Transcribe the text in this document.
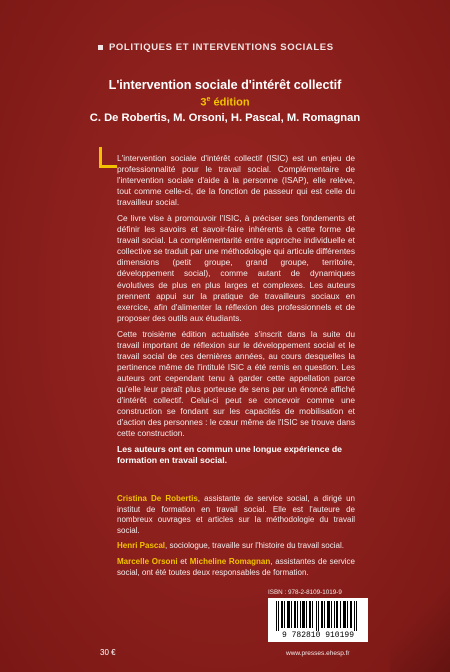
POLITIQUES ET INTERVENTIONS SOCIALES
L'intervention sociale d'intérêt collectif
3e édition
C. De Robertis, M. Orsoni, H. Pascal, M. Romagnan

L'intervention sociale d'intérêt collectif (ISIC) est un enjeu de professionnalité pour le travail social. Complémentaire de l'intervention sociale d'aide à la personne (ISAP), elle relève, tout comme celle-ci, de la fonction de passeur qui est celle du travailleur social.

Ce livre vise à promouvoir l'ISIC, à préciser ses fondements et définir les savoirs et savoir-faire inhérents à cette forme de travail social. La complémentarité entre approche individuelle et collective se traduit par une méthodologie qui articule différentes dimensions (petit groupe, grand groupe, territoire, développement social), comme autant de dynamiques évolutives de plus en plus larges et complexes. Les auteurs prennent appui sur la pratique de travailleurs sociaux en exercice, afin d'alimenter la réflexion des professionnels et de proposer des outils aux étudiants.

Cette troisième édition actualisée s'inscrit dans la suite du travail important de réflexion sur le développement social et le travail social de ces dernières années, au cours desquelles la pertinence même de l'intitulé ISIC a été remis en question. Les auteurs ont cependant tenu à garder cette appellation parce qu'elle leur paraît plus porteuse de sens par un énoncé affiché d'intérêt collectif. Celui-ci peut se concevoir comme une construction se fondant sur les capacités de mobilisation et d'action des personnes : le cœur même de l'ISIC se trouve dans cette construction.

Les auteurs ont en commun une longue expérience de formation en travail social.

Cristina De Robertis, assistante de service social, a dirigé un institut de formation en travail social. Elle est l'auteure de nombreux ouvrages et articles sur la méthodologie du travail social.

Henri Pascal, sociologue, travaille sur l'histoire du travail social.

Marcelle Orsoni et Micheline Romagnan, assistantes de service social, ont été toutes deux responsables de formation.

ISBN : 978-2-8109-1019-9
9 782810 910199
30 €	www.presses.ehesp.fr
